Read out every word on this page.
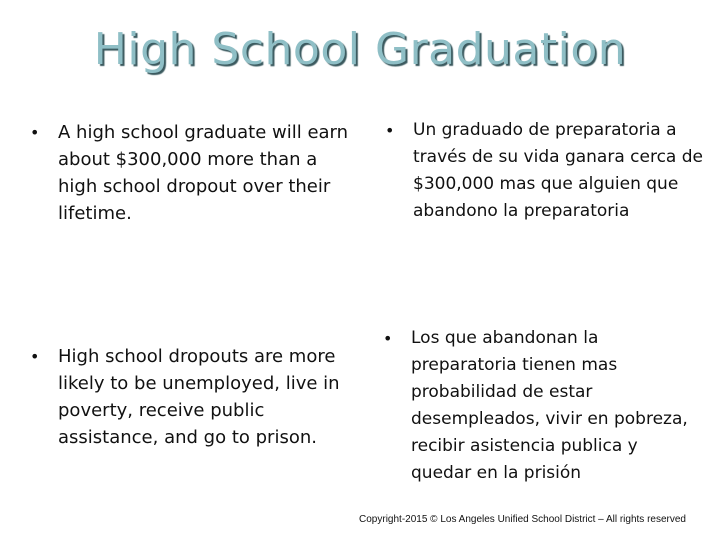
High School Graduation
•	A high school graduate will earn about $300,000 more than a high school dropout over their lifetime.
•	Un graduado de preparatoria a través de su vida ganara cerca de $300,000 mas que alguien que abandono la preparatoria
•	High school dropouts are more likely to be unemployed, live in poverty, receive public assistance, and go to prison.
•	Los que abandonan la preparatoria tienen mas probabilidad de estar desempleados, vivir en pobreza, recibir asistencia publica y quedar en la prisión
Copyright-2015 © Los Angeles Unified School District – All rights reserved
